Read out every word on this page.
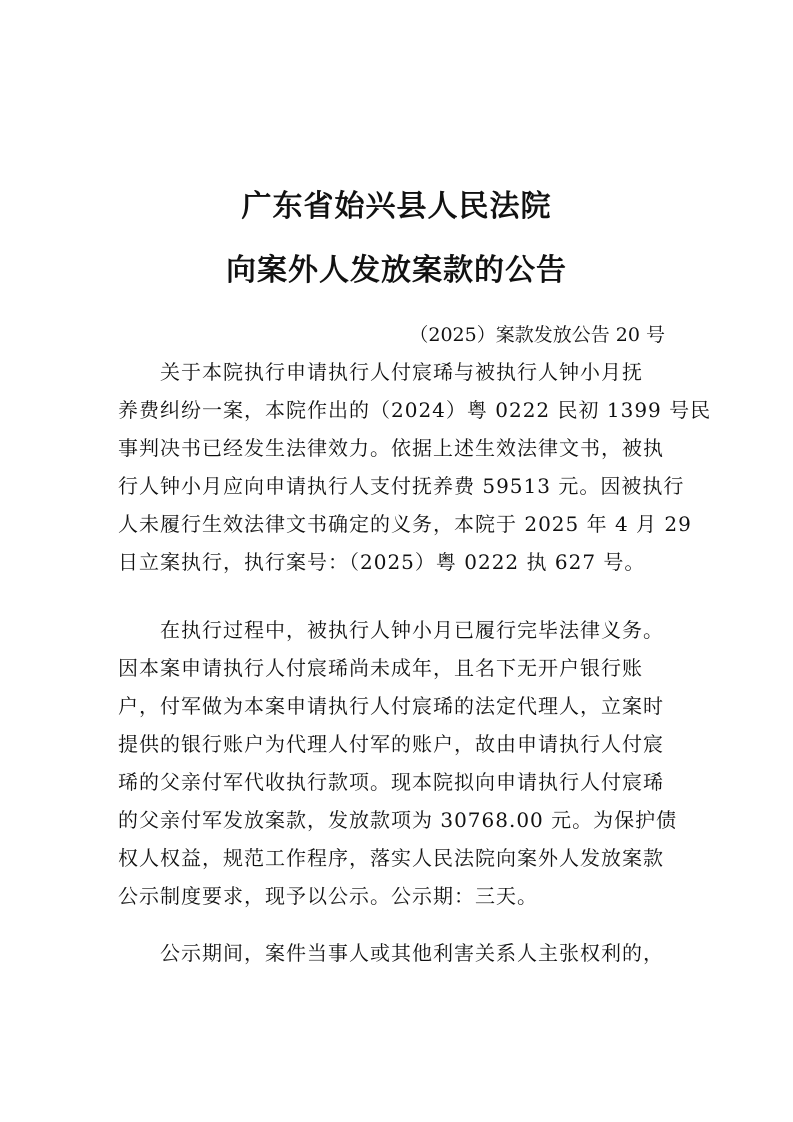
广东省始兴县人民法院
向案外人发放案款的公告
（2025）案款发放公告 20 号
关于本院执行申请执行人付宸琋与被执行人钟小月抚
养费纠纷一案，本院作出的（2024）粤 0222 民初 1399 号民
事判决书已经发生法律效力。依据上述生效法律文书，被执
行人钟小月应向申请执行人支付抚养费 59513 元。因被执行
人未履行生效法律文书确定的义务，本院于 2025 年 4 月 29
日立案执行，执行案号：（2025）粤 0222 执 627 号。
在执行过程中，被执行人钟小月已履行完毕法律义务。
因本案申请执行人付宸琋尚未成年，且名下无开户银行账
户，付军做为本案申请执行人付宸琋的法定代理人，立案时
提供的银行账户为代理人付军的账户，故由申请执行人付宸
琋的父亲付军代收执行款项。现本院拟向申请执行人付宸琋
的父亲付军发放案款，发放款项为 30768.00 元。为保护债
权人权益，规范工作程序，落实人民法院向案外人发放案款
公示制度要求，现予以公示。公示期：三天。
公示期间，案件当事人或其他利害关系人主张权利的，
